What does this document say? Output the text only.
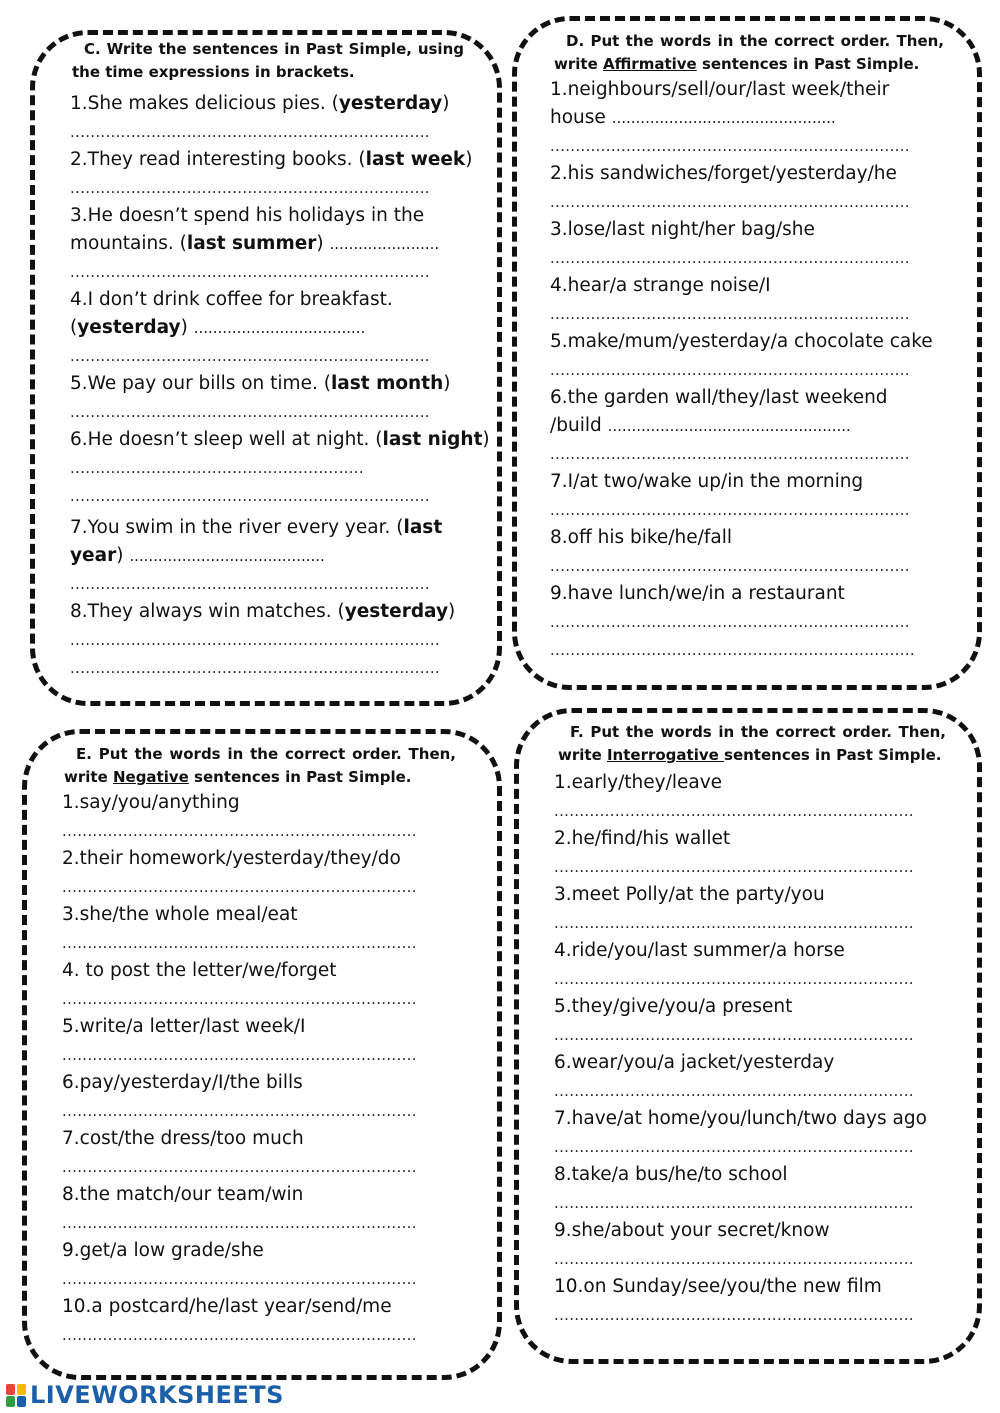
C. Write the sentences in Past Simple, using the time expressions in brackets.
1.She makes delicious pies. (yesterday)
.......................................................................
2.They read interesting books. (last week)
.......................................................................
3.He doesn’t spend his holidays in the mountains. (last summer) .......................
.......................................................................
4.I don’t drink coffee for breakfast. (yesterday) ....................................
.......................................................................
5.We pay our bills on time. (last month)
.......................................................................
6.He doesn’t sleep well at night. (last night)
..........................................................
.......................................................................
7.You swim in the river every year. (last year) .........................................
.......................................................................
8.They always win matches. (yesterday)
.........................................................................
.........................................................................
D. Put the words in the correct order. Then, write Affirmative sentences in Past Simple.
1.neighbours/sell/our/last week/their house ...............................................
.......................................................................
2.his sandwiches/forget/yesterday/he
.......................................................................
3.lose/last night/her bag/she
.......................................................................
4.hear/a strange noise/I
.......................................................................
5.make/mum/yesterday/a chocolate cake
.......................................................................
6.the garden wall/they/last weekend /build ...................................................
.......................................................................
7.I/at two/wake up/in the morning
.......................................................................
8.off his bike/he/fall
.......................................................................
9.have lunch/we/in a restaurant
.......................................................................
........................................................................
E. Put the words in the correct order. Then, write Negative sentences in Past Simple.
1.say/you/anything
......................................................................
2.their homework/yesterday/they/do
......................................................................
3.she/the whole meal/eat
......................................................................
4. to post the letter/we/forget
......................................................................
5.write/a letter/last week/I
......................................................................
6.pay/yesterday/I/the bills
......................................................................
7.cost/the dress/too much
......................................................................
8.the match/our team/win
......................................................................
9.get/a low grade/she
......................................................................
10.a postcard/he/last year/send/me
......................................................................
F. Put the words in the correct order. Then, write Interrogative sentences in Past Simple.
1.early/they/leave
.......................................................................
2.he/find/his wallet
.......................................................................
3.meet Polly/at the party/you
.......................................................................
4.ride/you/last summer/a horse
.......................................................................
5.they/give/you/a present
.......................................................................
6.wear/you/a jacket/yesterday
.......................................................................
7.have/at home/you/lunch/two days ago
.......................................................................
8.take/a bus/he/to school
.......................................................................
9.she/about your secret/know
.......................................................................
10.on Sunday/see/you/the new film
.......................................................................
LIVEWORKSHEETS
